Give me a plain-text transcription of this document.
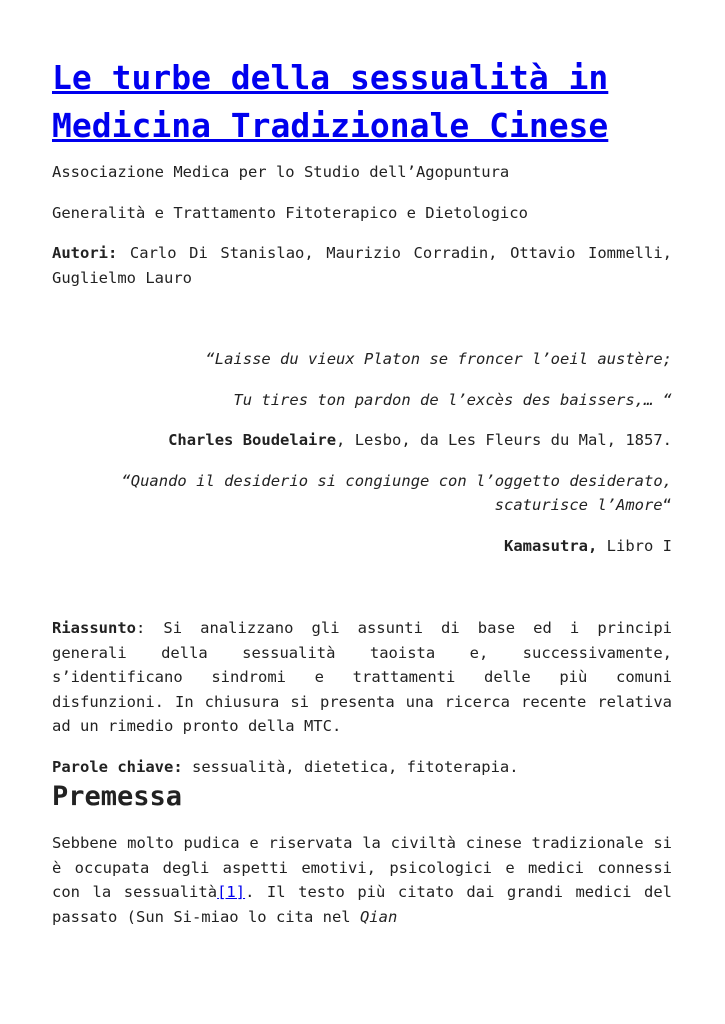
Le turbe della sessualità in Medicina Tradizionale Cinese

Associazione Medica per lo Studio dell’Agopuntura

Generalità e Trattamento Fitoterapico e Dietologico

Autori: Carlo Di Stanislao, Maurizio Corradin, Ottavio Iommelli, Guglielmo Lauro

“Laisse du vieux Platon se froncer l’oeil austère;

Tu tires ton pardon de l’excès des baissers,… “

Charles Boudelaire, Lesbo, da Les Fleurs du Mal, 1857.

“Quando il desiderio si congiunge con l’oggetto desiderato, scaturisce l’Amore“

Kamasutra, Libro I

Riassunto: Si analizzano gli assunti di base ed i principi generali della sessualità taoista e, successivamente, s’identificano sindromi e trattamenti delle più comuni disfunzioni. In chiusura si presenta una ricerca recente relativa ad un rimedio pronto della MTC.

Parole chiave: sessualità, dietetica, fitoterapia.

Premessa

Sebbene molto pudica e riservata la civiltà cinese tradizionale si è occupata degli aspetti emotivi, psicologici e medici connessi con la sessualità[1]. Il testo più citato dai grandi medici del passato (Sun Si-miao lo cita nel Qian
